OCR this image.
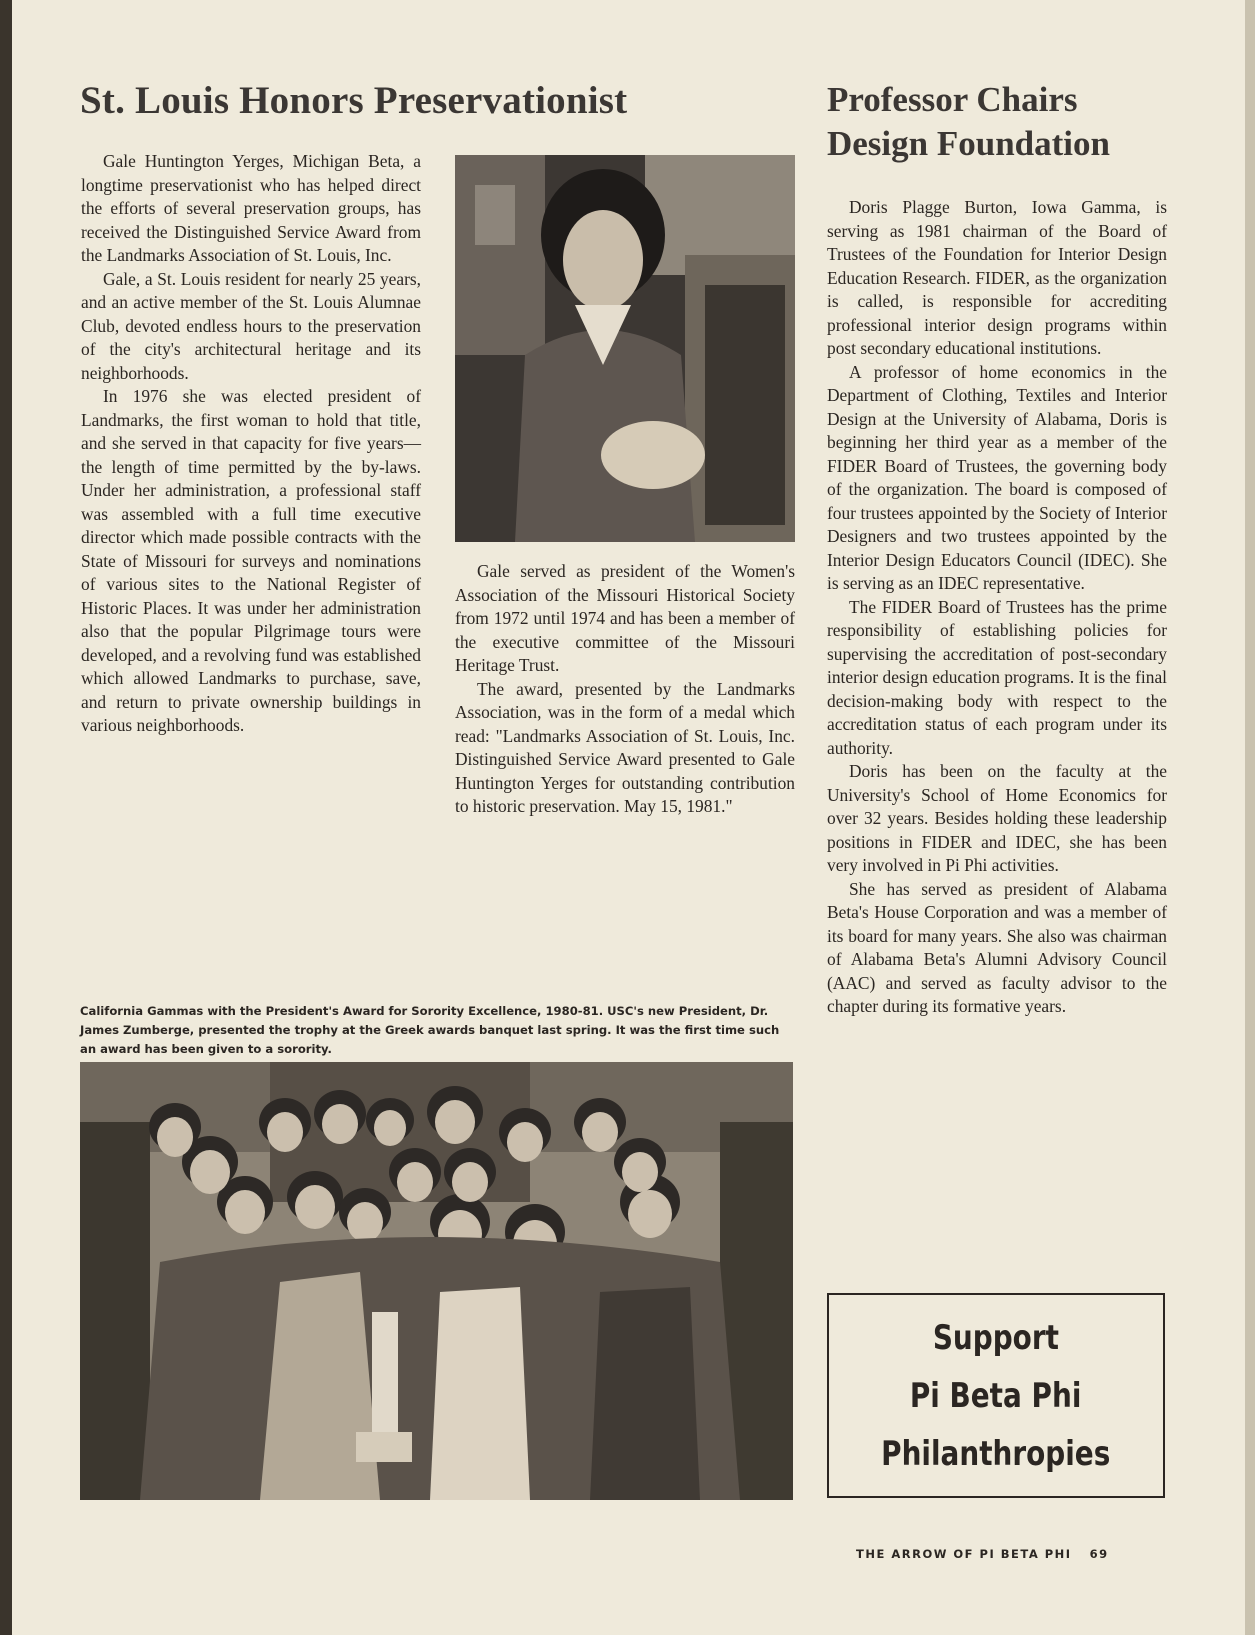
St. Louis Honors Preservationist

Gale Huntington Yerges, Michigan Beta, a longtime preservationist who has helped direct the efforts of several preservation groups, has received the Distinguished Service Award from the Landmarks Association of St. Louis, Inc.

Gale, a St. Louis resident for nearly 25 years, and an active member of the St. Louis Alumnae Club, devoted endless hours to the preservation of the city's architectural heritage and its neighborhoods.

In 1976 she was elected president of Landmarks, the first woman to hold that title, and she served in that capacity for five years—the length of time permitted by the by-laws. Under her administration, a professional staff was assembled with a full time executive director which made possible contracts with the State of Missouri for surveys and nominations of various sites to the National Register of Historic Places. It was under her administration also that the popular Pilgrimage tours were developed, and a revolving fund was established which allowed Landmarks to purchase, save, and return to private ownership buildings in various neighborhoods.

Gale served as president of the Women's Association of the Missouri Historical Society from 1972 until 1974 and has been a member of the executive committee of the Missouri Heritage Trust.

The award, presented by the Landmarks Association, was in the form of a medal which read: "Landmarks Association of St. Louis, Inc. Distinguished Service Award presented to Gale Huntington Yerges for outstanding contribution to historic preservation. May 15, 1981."

California Gammas with the President's Award for Sorority Excellence, 1980-81. USC's new President, Dr. James Zumberge, presented the trophy at the Greek awards banquet last spring. It was the first time such an award has been given to a sorority.

Professor Chairs Design Foundation

Doris Plagge Burton, Iowa Gamma, is serving as 1981 chairman of the Board of Trustees of the Foundation for Interior Design Education Research. FIDER, as the organization is called, is responsible for accrediting professional interior design programs within post secondary educational institutions.

A professor of home economics in the Department of Clothing, Textiles and Interior Design at the University of Alabama, Doris is beginning her third year as a member of the FIDER Board of Trustees, the governing body of the organization. The board is composed of four trustees appointed by the Society of Interior Designers and two trustees appointed by the Interior Design Educators Council (IDEC). She is serving as an IDEC representative.

The FIDER Board of Trustees has the prime responsibility of establishing policies for supervising the accreditation of post-secondary interior design education programs. It is the final decision-making body with respect to the accreditation status of each program under its authority.

Doris has been on the faculty at the University's School of Home Economics for over 32 years. Besides holding these leadership positions in FIDER and IDEC, she has been very involved in Pi Phi activities.

She has served as president of Alabama Beta's House Corporation and was a member of its board for many years. She also was chairman of Alabama Beta's Alumni Advisory Council (AAC) and served as faculty advisor to the chapter during its formative years.

Support
Pi Beta Phi
Philanthropies
THE ARROW OF PI BETA PHI 69
